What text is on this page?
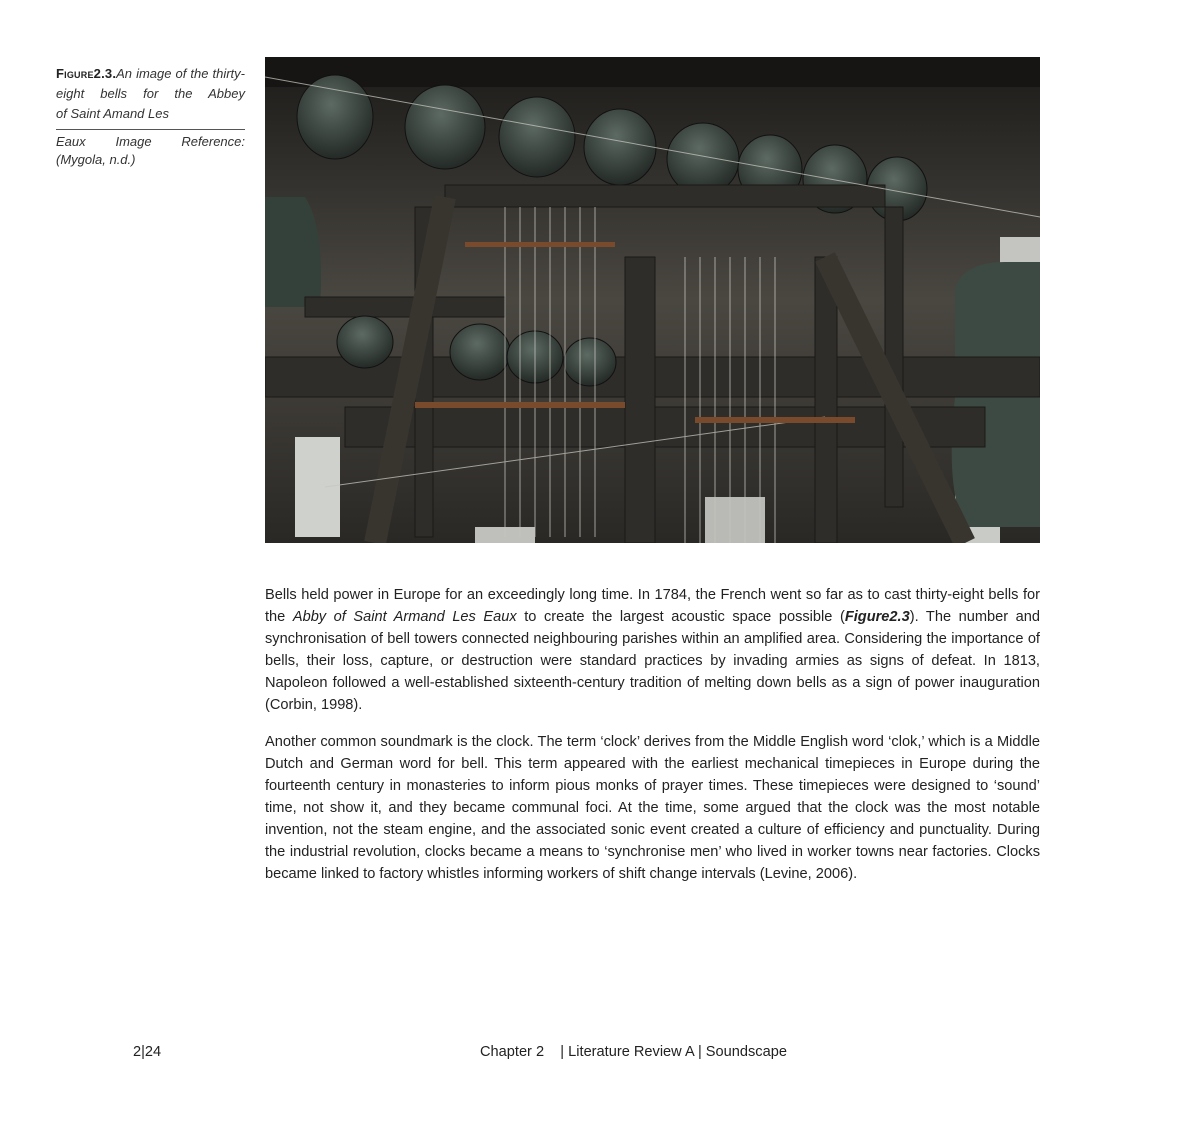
Figure2.3.An image of the thirty-eight bells for the Abbey
of Saint Amand Les
Eaux Image Reference:
(Mygola, n.d.)

Bells held power in Europe for an exceedingly long time. In 1784, the French went so far as to cast thirty-eight bells for the Abby of Saint Armand Les Eaux to create the largest acoustic space possible (Figure2.3). The number and synchronisation of bell towers connected neighbouring parishes within an amplified area. Considering the importance of bells, their loss, capture, or destruction were standard practices by invading armies as signs of defeat. In 1813, Napoleon followed a well-established sixteenth-century tradition of melting down bells as a sign of power inauguration (Corbin, 1998).

Another common soundmark is the clock. The term ‘clock’ derives from the Middle English word ‘clok,’ which is a Middle Dutch and German word for bell. This term appeared with the earliest mechanical timepieces in Europe during the fourteenth century in monasteries to inform pious monks of prayer times. These timepieces were designed to ‘sound’ time, not show it, and they became communal foci. At the time, some argued that the clock was the most notable invention, not the steam engine, and the associated sonic event created a culture of efficiency and punctuality. During the industrial revolution, clocks became a means to ‘synchronise men’ who lived in worker towns near factories. Clocks became linked to factory whistles informing workers of shift change intervals (Levine, 2006).

2|24	Chapter 2    | Literature Review A | Soundscape
